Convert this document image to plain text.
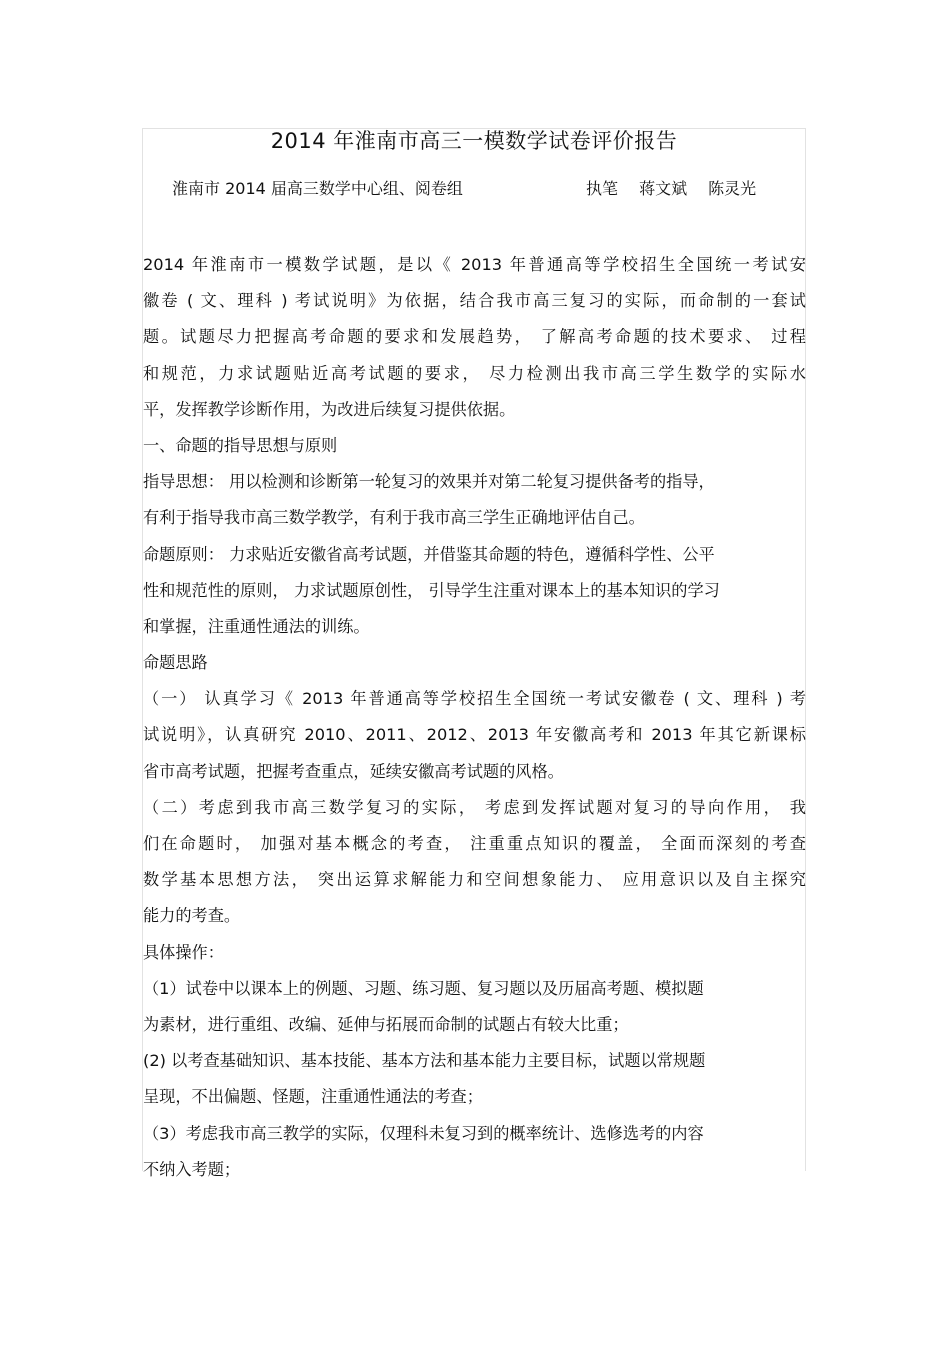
2014 年淮南市高三一模数学试卷评价报告
淮南市 2014 届高三数学中心组、阅卷组	执笔 蒋文斌 陈灵光
2014 年淮南市一模数学试题，是以《 2013 年普通高等学校招生全国统一考试安
徽卷 ( 文、理科 ) 考试说明》为依据，结合我市高三复习的实际，而命制的一套试
题。试题尽力把握高考命题的要求和发展趋势， 了解高考命题的技术要求、 过程
和规范，力求试题贴近高考试题的要求， 尽力检测出我市高三学生数学的实际水
平，发挥教学诊断作用，为改进后续复习提供依据。
一、命题的指导思想与原则
指导思想： 用以检测和诊断第一轮复习的效果并对第二轮复习提供备考的指导，
有利于指导我市高三数学教学，有利于我市高三学生正确地评估自己。
命题原则： 力求贴近安徽省高考试题，并借鉴其命题的特色，遵循科学性、公平
性和规范性的原则， 力求试题原创性， 引导学生注重对课本上的基本知识的学习
和掌握，注重通性通法的训练。
命题思路
（一） 认真学习《 2013 年普通高等学校招生全国统一考试安徽卷 ( 文、理科 ) 考
试说明》，认真研究 2010、2011、2012、2013 年安徽高考和 2013 年其它新课标
省市高考试题，把握考查重点，延续安徽高考试题的风格。
（二）考虑到我市高三数学复习的实际， 考虑到发挥试题对复习的导向作用， 我
们在命题时， 加强对基本概念的考查， 注重重点知识的覆盖， 全面而深刻的考查
数学基本思想方法， 突出运算求解能力和空间想象能力、 应用意识以及自主探究
能力的考查。
具体操作：
（1）试卷中以课本上的例题、习题、练习题、复习题以及历届高考题、模拟题
为素材，进行重组、改编、延伸与拓展而命制的试题占有较大比重；
(2) 以考查基础知识、基本技能、基本方法和基本能力主要目标，试题以常规题
呈现，不出偏题、怪题，注重通性通法的考查；
（3）考虑我市高三教学的实际，仅理科未复习到的概率统计、选修选考的内容
不纳入考题；
